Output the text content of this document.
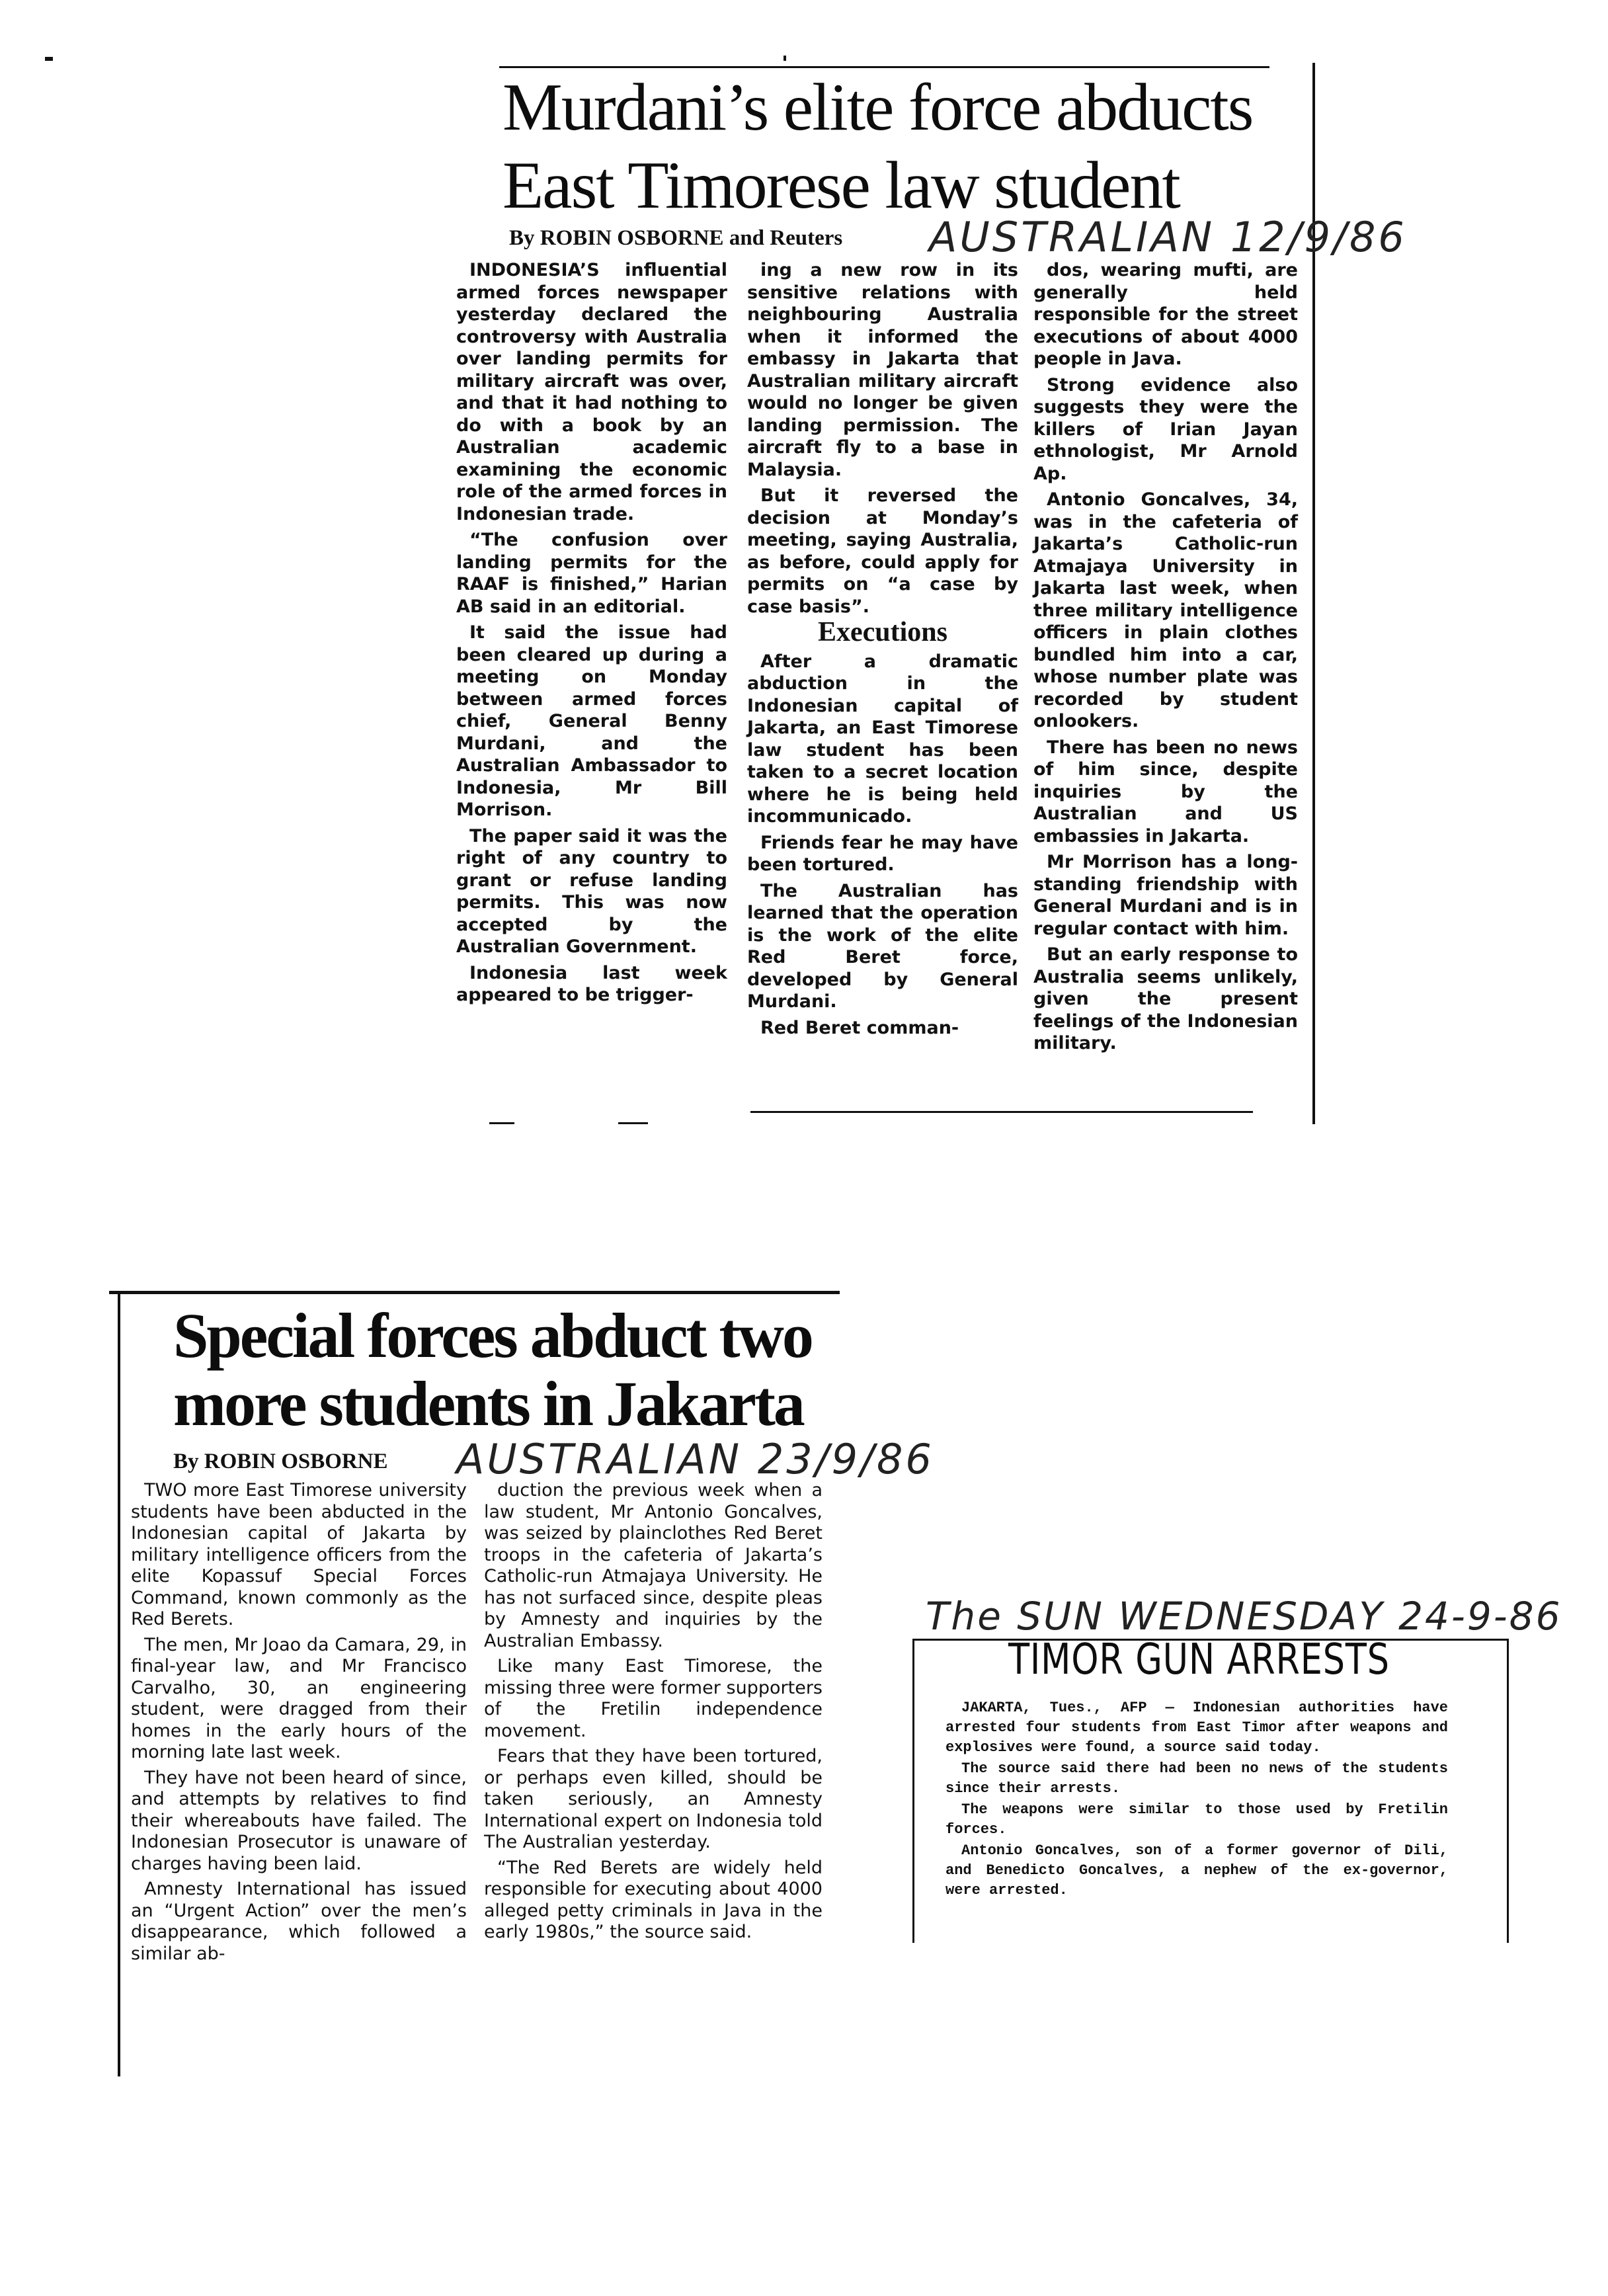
Murdani’s elite force abducts
East Timorese law student
By ROBIN OSBORNE and Reuters AUSTRALIAN 12/9/86

INDONESIA’S influential armed forces newspaper yesterday declared the controversy with Australia over landing permits for military aircraft was over, and that it had nothing to do with a book by an Australian academic examining the economic role of the armed forces in Indonesian trade.

“The confusion over landing permits for the RAAF is finished,” Harian AB said in an editorial.

It said the issue had been cleared up during a meeting on Monday between armed forces chief, General Benny Murdani, and the Australian Ambassador to Indonesia, Mr Bill Morrison.

The paper said it was the right of any country to grant or refuse landing permits. This was now accepted by the Australian Government.

Indonesia last week appeared to be trigger-

ing a new row in its sensitive relations with neighbouring Australia when it informed the embassy in Jakarta that Australian military aircraft would no longer be given landing permission. The aircraft fly to a base in Malaysia.

But it reversed the decision at Monday’s meeting, saying Australia, as before, could apply for permits on “a case by case basis”.

Executions

After a dramatic abduction in the Indonesian capital of Jakarta, an East Timorese law student has been taken to a secret location where he is being held incommunicado.

Friends fear he may have been tortured.

The Australian has learned that the operation is the work of the elite Red Beret force, developed by General Murdani.

Red Beret comman-

dos, wearing mufti, are generally held responsible for the street executions of about 4000 people in Java.

Strong evidence also suggests they were the killers of Irian Jayan ethnologist, Mr Arnold Ap.

Antonio Goncalves, 34, was in the cafeteria of Jakarta’s Catholic-run Atmajaya University in Jakarta last week, when three military intelligence officers in plain clothes bundled him into a car, whose number plate was recorded by student onlookers.

There has been no news of him since, despite inquiries by the Australian and US embassies in Jakarta.

Mr Morrison has a long-standing friendship with General Murdani and is in regular contact with him.

But an early response to Australia seems unlikely, given the present feelings of the Indonesian military.

Special forces abduct two
more students in Jakarta
By ROBIN OSBORNE AUSTRALIAN 23/9/86

TWO more East Timorese university students have been abducted in the Indonesian capital of Jakarta by military intelligence officers from the elite Kopassuf Special Forces Command, known commonly as the Red Berets.

The men, Mr Joao da Camara, 29, in final-year law, and Mr Francisco Carvalho, 30, an engineering student, were dragged from their homes in the early hours of the morning late last week.

They have not been heard of since, and attempts by relatives to find their whereabouts have failed. The Indonesian Prosecutor is unaware of charges having been laid.

Amnesty International has issued an “Urgent Action” over the men’s disappearance, which followed a similar ab-

duction the previous week when a law student, Mr Antonio Goncalves, was seized by plainclothes Red Beret troops in the cafeteria of Jakarta’s Catholic-run Atmajaya University. He has not surfaced since, despite pleas by Amnesty and inquiries by the Australian Embassy.

Like many East Timorese, the missing three were former supporters of the Fretilin independence movement.

Fears that they have been tortured, or perhaps even killed, should be taken seriously, an Amnesty International expert on Indonesia told The Australian yesterday.

“The Red Berets are widely held responsible for executing about 4000 alleged petty criminals in Java in the early 1980s,” the source said.

The SUN WEDNESDAY 24-9-86
TIMOR GUN ARRESTS

JAKARTA, Tues., AFP — Indonesian authorities have arrested four students from East Timor after weapons and explosives were found, a source said today.

The source said there had been no news of the students since their arrests.

The weapons were similar to those used by Fretilin forces.

Antonio Goncalves, son of a former governor of Dili, and Benedicto Goncalves, a nephew of the ex-governor, were arrested.
